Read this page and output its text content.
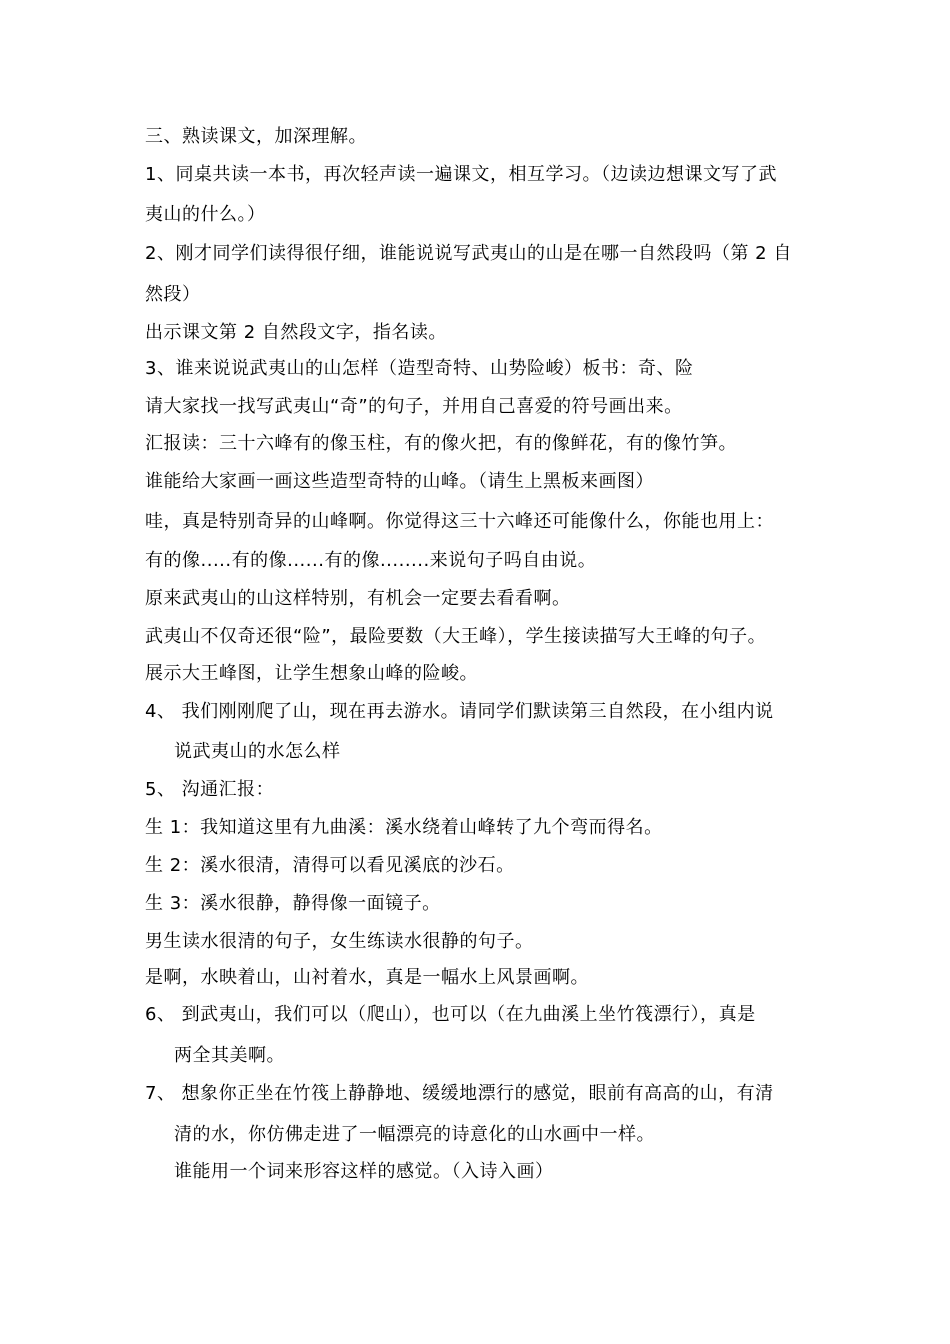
三、熟读课文，加深理解。
1、同桌共读一本书，再次轻声读一遍课文，相互学习。（边读边想课文写了武
夷山的什么。）
2、刚才同学们读得很仔细，谁能说说写武夷山的山是在哪一自然段吗（第 2 自
然段）
出示课文第 2 自然段文字，指名读。
3、谁来说说武夷山的山怎样（造型奇特、山势险峻）板书：奇、险
请大家找一找写武夷山“奇”的句子，并用自己喜爱的符号画出来。
汇报读：三十六峰有的像玉柱，有的像火把，有的像鲜花，有的像竹笋。
谁能给大家画一画这些造型奇特的山峰。（请生上黑板来画图）
哇，真是特别奇异的山峰啊。你觉得这三十六峰还可能像什么，你能也用上：
有的像.....有的像......有的像........来说句子吗自由说。
原来武夷山的山这样特别，有机会一定要去看看啊。
武夷山不仅奇还很“险”，最险要数（大王峰），学生接读描写大王峰的句子。
展示大王峰图，让学生想象山峰的险峻。
4、 我们刚刚爬了山，现在再去游水。请同学们默读第三自然段，在小组内说
说武夷山的水怎么样
5、 沟通汇报：
生 1：我知道这里有九曲溪：溪水绕着山峰转了九个弯而得名。
生 2：溪水很清，清得可以看见溪底的沙石。
生 3：溪水很静，静得像一面镜子。
男生读水很清的句子，女生练读水很静的句子。
是啊，水映着山，山衬着水，真是一幅水上风景画啊。
6、 到武夷山，我们可以（爬山），也可以（在九曲溪上坐竹筏漂行），真是
两全其美啊。
7、 想象你正坐在竹筏上静静地、缓缓地漂行的感觉，眼前有高高的山，有清
清的水，你仿佛走进了一幅漂亮的诗意化的山水画中一样。
谁能用一个词来形容这样的感觉。（入诗入画）
